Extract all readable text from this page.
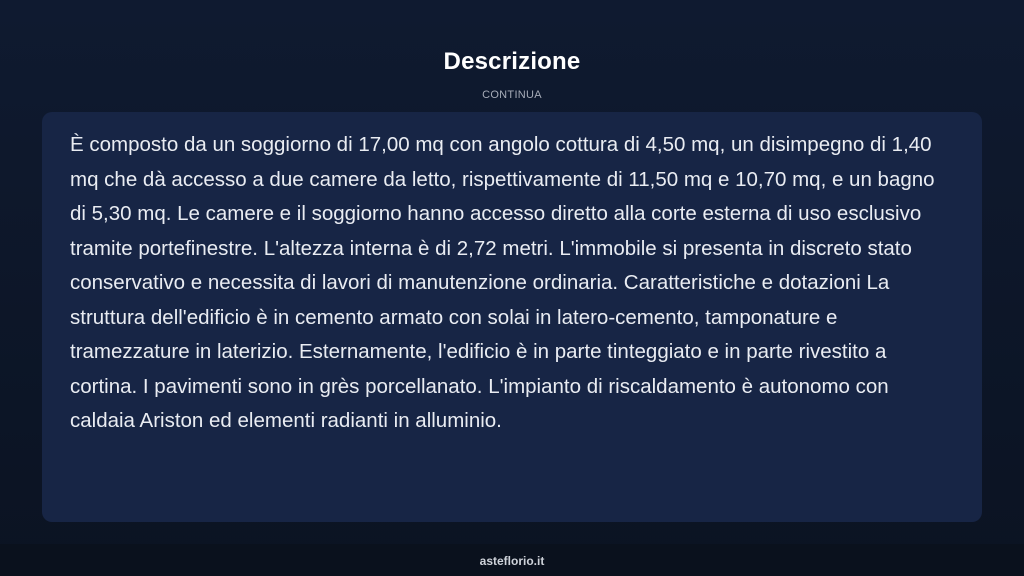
Descrizione
CONTINUA

È composto da un soggiorno di 17,00 mq con angolo cottura di 4,50 mq, un disimpegno di 1,40 mq che dà accesso a due camere da letto, rispettivamente di 11,50 mq e 10,70 mq, e un bagno di 5,30 mq. Le camere e il soggiorno hanno accesso diretto alla corte esterna di uso esclusivo tramite portefinestre. L'altezza interna è di 2,72 metri. L'immobile si presenta in discreto stato conservativo e necessita di lavori di manutenzione ordinaria. Caratteristiche e dotazioni La struttura dell'edificio è in cemento armato con solai in latero-cemento, tamponature e tramezzature in laterizio. Esternamente, l'edificio è in parte tinteggiato e in parte rivestito a cortina. I pavimenti sono in grès porcellanato. L'impianto di riscaldamento è autonomo con caldaia Ariston ed elementi radianti in alluminio.

asteflorio.it
